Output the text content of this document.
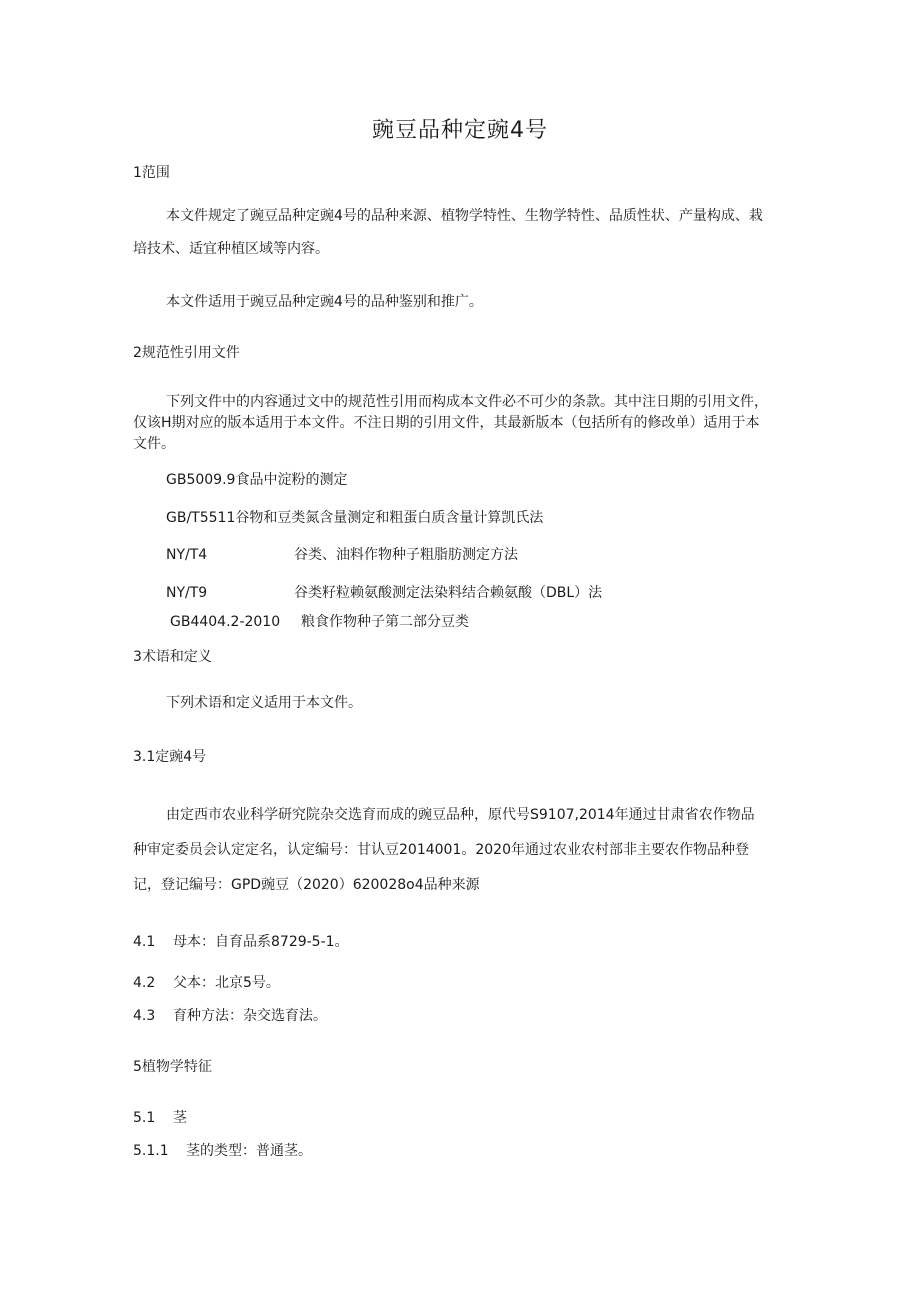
豌豆品种定豌4号
1范围
本文件规定了豌豆品种定豌4号的品种来源、植物学特性、生物学特性、品质性状、产量构成、栽培技术、适宜种植区域等内容。
本文件适用于豌豆品种定豌4号的品种鉴别和推广。
2规范性引用文件
下列文件中的内容通过文中的规范性引用而构成本文件必不可少的条款。其中注日期的引用文件，仅该H期对应的版本适用于本文件。不注日期的引用文件，其最新版本（包括所有的修改单）适用于本文件。
GB5009.9食品中淀粉的测定
GB/T5511谷物和豆类氮含量测定和粗蛋白质含量计算凯氏法
NY/T4	谷类、油料作物种子粗脂肪测定方法
NY/T9	谷类籽粒赖氨酸测定法染料结合赖氨酸（DBL）法
GB4404.2-2010 粮食作物种子第二部分豆类
3术语和定义
下列术语和定义适用于本文件。
3.1定豌4号
由定西市农业科学研究院杂交选育而成的豌豆品种，原代号S9107,2014年通过甘肃省农作物品种审定委员会认定定名，认定编号：甘认豆2014001。2020年通过农业农村部非主要农作物品种登记，登记编号：GPD豌豆（2020）620028o4品种来源
4.1 母本：自育品系8729-5-1。
4.2 父本：北京5号。
4.3 育种方法：杂交选育法。
5植物学特征
5.1 茎
5.1.1 茎的类型：普通茎。
